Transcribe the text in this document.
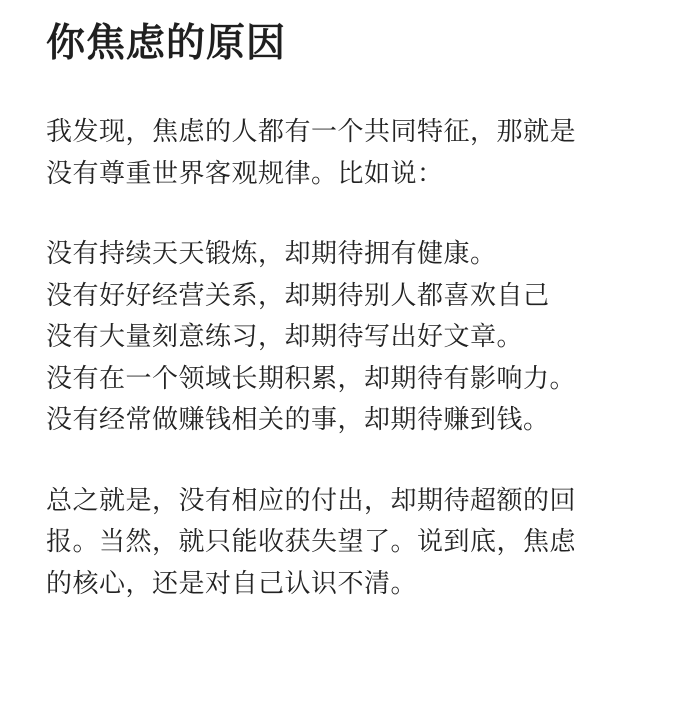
你焦虑的原因

我发现，焦虑的人都有一个共同特征，那就是
没有尊重世界客观规律。比如说：

没有持续天天锻炼，却期待拥有健康。
没有好好经营关系，却期待别人都喜欢自己
没有大量刻意练习，却期待写出好文章。
没有在一个领域长期积累，却期待有影响力。
没有经常做赚钱相关的事，却期待赚到钱。

总之就是，没有相应的付出，却期待超额的回
报。当然，就只能收获失望了。说到底，焦虑
的核心，还是对自己认识不清。
